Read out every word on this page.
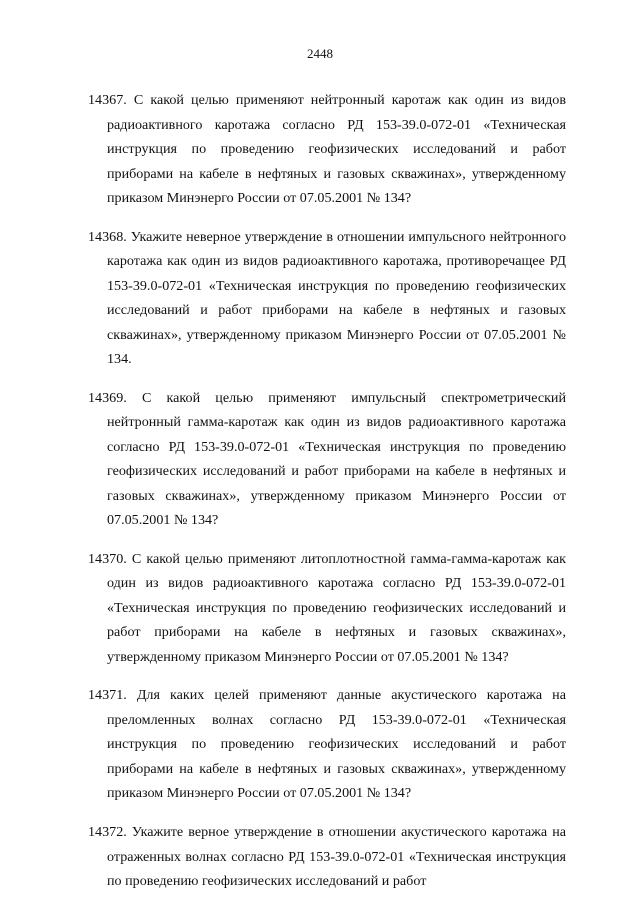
2448

14367. С какой целью применяют нейтронный каротаж как один из видов радиоактивного каротажа согласно РД 153-39.0-072-01 «Техническая инструкция по проведению геофизических исследований и работ приборами на кабеле в нефтяных и газовых скважинах», утвержденному приказом Минэнерго России от 07.05.2001 № 134?

14368. Укажите неверное утверждение в отношении импульсного нейтронного каротажа как один из видов радиоактивного каротажа, противоречащее РД 153-39.0-072-01 «Техническая инструкция по проведению геофизических исследований и работ приборами на кабеле в нефтяных и газовых скважинах», утвержденному приказом Минэнерго России от 07.05.2001 № 134.

14369. С какой целью применяют импульсный спектрометрический нейтронный гамма-каротаж как один из видов радиоактивного каротажа согласно РД 153-39.0-072-01 «Техническая инструкция по проведению геофизических исследований и работ приборами на кабеле в нефтяных и газовых скважинах», утвержденному приказом Минэнерго России от 07.05.2001 № 134?

14370. С какой целью применяют литоплотностной гамма-гамма-каротаж как один из видов радиоактивного каротажа согласно РД 153-39.0-072-01 «Техническая инструкция по проведению геофизических исследований и работ приборами на кабеле в нефтяных и газовых скважинах», утвержденному приказом Минэнерго России от 07.05.2001 № 134?

14371. Для каких целей применяют данные акустического каротажа на преломленных волнах согласно РД 153-39.0-072-01 «Техническая инструкция по проведению геофизических исследований и работ приборами на кабеле в нефтяных и газовых скважинах», утвержденному приказом Минэнерго России от 07.05.2001 № 134?

14372. Укажите верное утверждение в отношении акустического каротажа на отраженных волнах согласно РД 153-39.0-072-01 «Техническая инструкция по проведению геофизических исследований и работ
